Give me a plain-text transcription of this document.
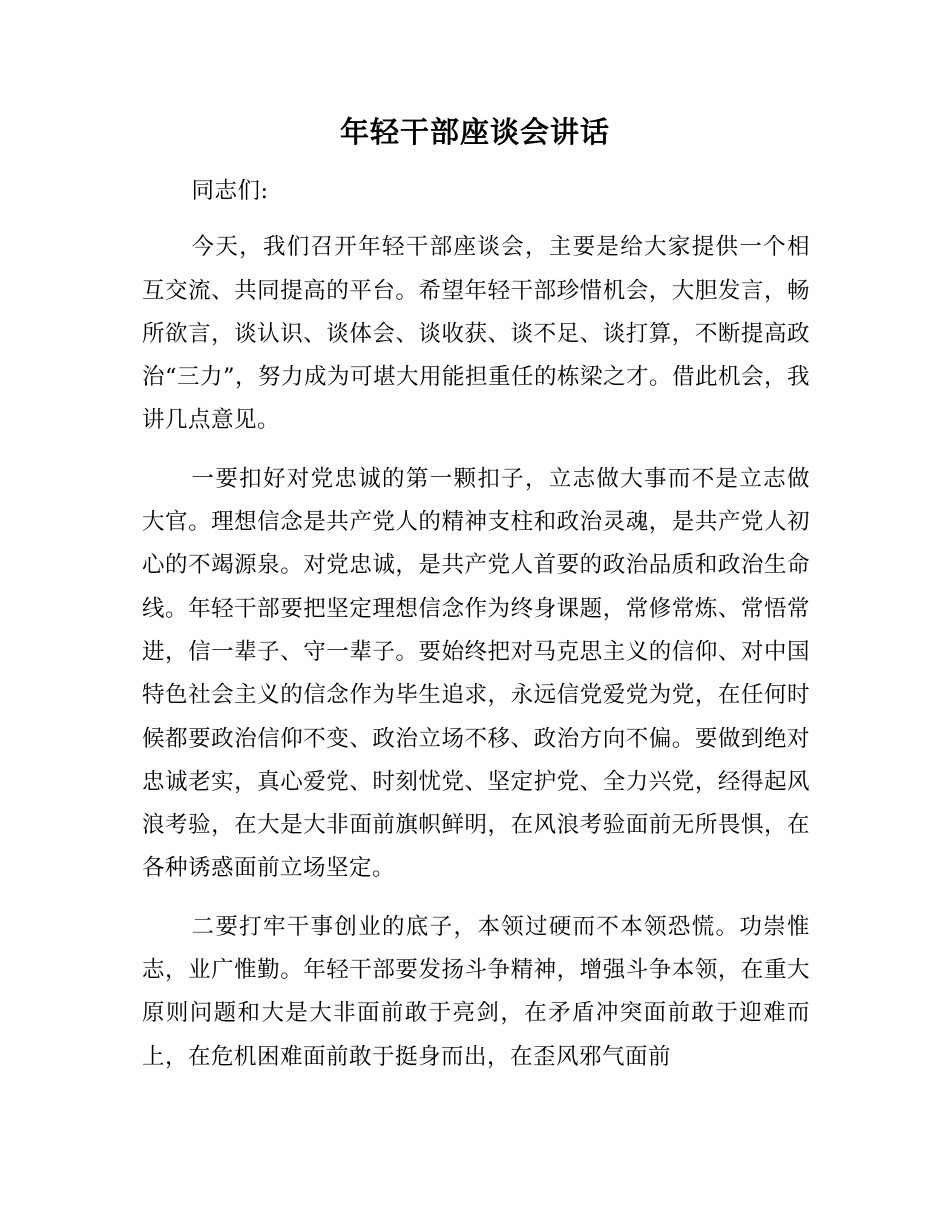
年轻干部座谈会讲话

同志们:

今天，我们召开年轻干部座谈会，主要是给大家提供一个相互交流、共同提高的平台。希望年轻干部珍惜机会，大胆发言，畅所欲言，谈认识、谈体会、谈收获、谈不足、谈打算，不断提高政治“三力”，努力成为可堪大用能担重任的栋梁之才。借此机会，我讲几点意见。

一要扣好对党忠诚的第一颗扣子，立志做大事而不是立志做大官。理想信念是共产党人的精神支柱和政治灵魂，是共产党人初心的不竭源泉。对党忠诚，是共产党人首要的政治品质和政治生命线。年轻干部要把坚定理想信念作为终身课题，常修常炼、常悟常进，信一辈子、守一辈子。要始终把对马克思主义的信仰、对中国特色社会主义的信念作为毕生追求，永远信党爱党为党，在任何时候都要政治信仰不变、政治立场不移、政治方向不偏。要做到绝对忠诚老实，真心爱党、时刻忧党、坚定护党、全力兴党，经得起风浪考验，在大是大非面前旗帜鲜明，在风浪考验面前无所畏惧，在各种诱惑面前立场坚定。

二要打牢干事创业的底子，本领过硬而不本领恐慌。功崇惟志，业广惟勤。年轻干部要发扬斗争精神，增强斗争本领，在重大原则问题和大是大非面前敢于亮剑，在矛盾冲突面前敢于迎难而上，在危机困难面前敢于挺身而出，在歪风邪气面前
